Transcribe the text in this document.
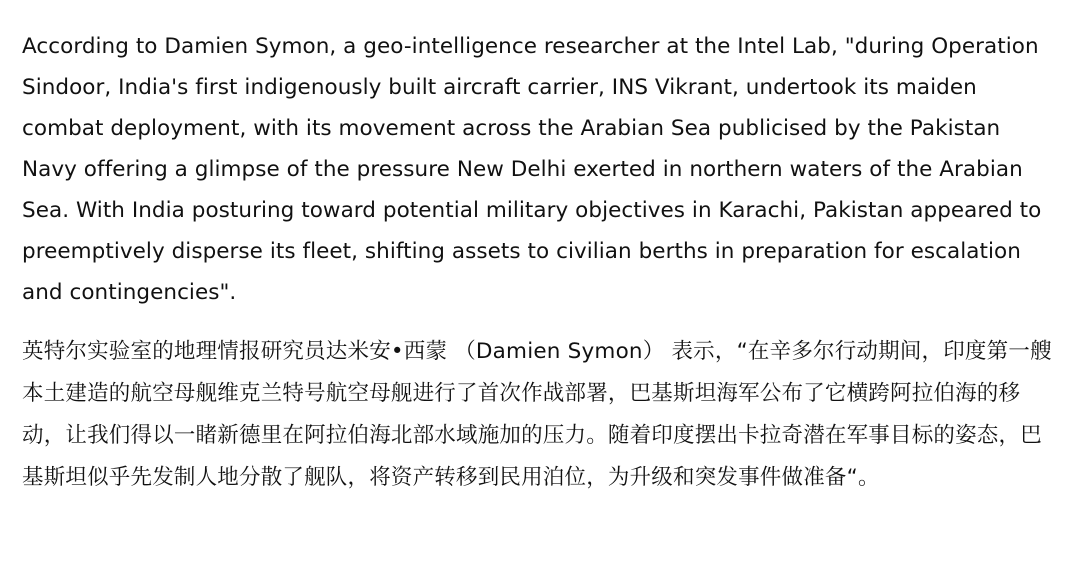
According to Damien Symon, a geo-intelligence researcher at the Intel Lab, "during Operation Sindoor, India's first indigenously built aircraft carrier, INS Vikrant, undertook its maiden combat deployment, with its movement across the Arabian Sea publicised by the Pakistan Navy offering a glimpse of the pressure New Delhi exerted in northern waters of the Arabian Sea. With India posturing toward potential military objectives in Karachi, Pakistan appeared to preemptively disperse its fleet, shifting assets to civilian berths in preparation for escalation and contingencies".

英特尔实验室的地理情报研究员达米安•西蒙 （Damien Symon） 表示，“在辛多尔行动期间，印度第一艘本土建造的航空母舰维克兰特号航空母舰进行了首次作战部署，巴基斯坦海军公布了它横跨阿拉伯海的移动，让我们得以一睹新德里在阿拉伯海北部水域施加的压力。随着印度摆出卡拉奇潜在军事目标的姿态，巴基斯坦似乎先发制人地分散了舰队，将资产转移到民用泊位，为升级和突发事件做准备“。
